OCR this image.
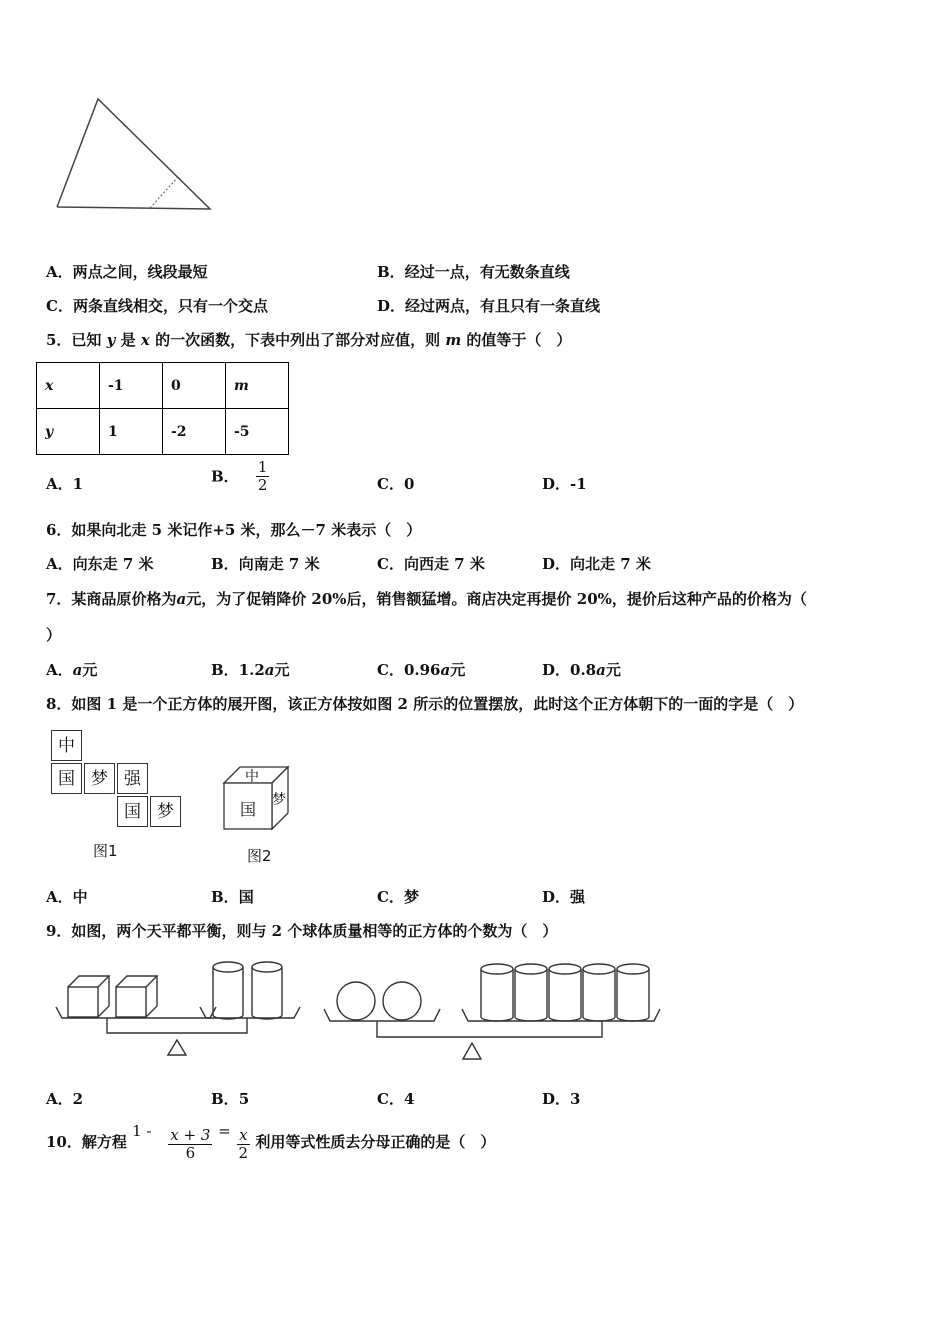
A．两点之间，线段最短	B．经过一点，有无数条直线
C．两条直线相交，只有一个交点	D．经过两点，有且只有一条直线
5．已知 y 是 x 的一次函数，下表中列出了部分对应值，则 m 的值等于（　）
x	-1	0	m
y	1	-2	-5
A．1	B． $\frac{1}{2}$	C．0	D．-1
6．如果向北走 5 米记作+5 米，那么－7 米表示（　）
A．向东走 7 米	B．向南走 7 米	C．向西走 7 米	D．向北走 7 米
7．某商品原价格为a元，为了促销降价 20%后，销售额猛增。商店决定再提价 20%，提价后这种产品的价格为（
）
A．a元	B．1.2a元	C．0.96a元	D．0.8a元
8．如图 1 是一个正方体的展开图，该正方体按如图 2 所示的位置摆放，此时这个正方体朝下的一面的字是（　）
中
国 梦 强
国 梦
图1
中
国 梦
图2
A．中	B．国	C．梦	D．强
9．如图，两个天平都平衡，则与 2 个球体质量相等的正方体的个数为（　）
A．2	B．5	C．4	D．3
10．解方程 $1 - \frac{x + 3}{6} = \frac{x}{2}$ 利用等式性质去分母正确的是（　）
